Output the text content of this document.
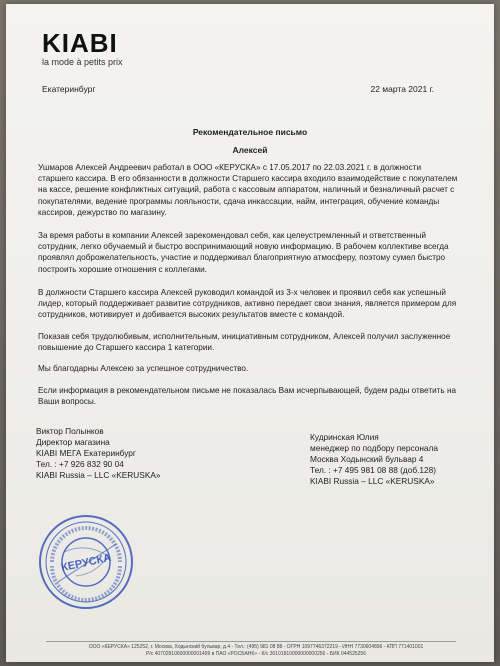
KIABI
la mode à petits prix
Екатеринбург	22 марта 2021 г.
Рекомендательное письмо
Алексей
Ушмаров Алексей Андреевич работал в ООО «КЕРУСКА» с 17.05.2017 по 22.03.2021 г. в должности старшего кассира. В его обязанности в должности Старшего кассира входило взаимодействие с покупателем на кассе, решение конфликтных ситуаций, работа с кассовым аппаратом, наличный и безналичный расчет с покупателями, ведение программы лояльности, сдача инкассации, найм, интеграция, обучение команды кассиров, дежурство по магазину.
За время работы в компании Алексей зарекомендовал себя, как целеустремленный и ответственный сотрудник, легко обучаемый и быстро воспринимающий новую информацию. В рабочем коллективе всегда проявлял доброжелательность, участие и поддерживал благоприятную атмосферу, поэтому сумел быстро построить хорошие отношения с коллегами.
В должности Старшего кассира Алексей руководил командой из 3-х человек и проявил себя как успешный лидер, который поддерживает развитие сотрудников, активно передает свои знания, является примером для сотрудников, мотивирует и добивается высоких результатов вместе с командой.
Показав себя трудолюбивым, исполнительным, инициативным сотрудником, Алексей получил заслуженное повышение до Старшего кассира 1 категории.
Мы благодарны Алексею за успешное сотрудничество.
Если информация в рекомендательном письме не показалась Вам исчерпывающей, будем рады ответить на Ваши вопросы.
Виктор Полынков
Директор магазина
KIABI МЕГА Екатеринбург
Тел. : +7 926 832 90 04
KIABI Russia – LLC «KERUSKA»
Кудринская Юлия
менеджер по подбору персонала
Москва Ходынский бульвар 4
Тел. : +7 495 981 08 88 (доб.128)
KIABI Russia – LLC «KERUSKA»
КЕРУСКА
ООО «КЕРУСКА» 125252, г. Москва, Ходынский бульвар, д.4 - Тел.: (495) 981 08 88 - ОГРН 1097746372219 - ИНН 7730604896 - КПП 771401001
Р/с 40702810600000001499 в ПАО «РОСБАНК» - К/с 30101810000000000256 - БИК 044525256
